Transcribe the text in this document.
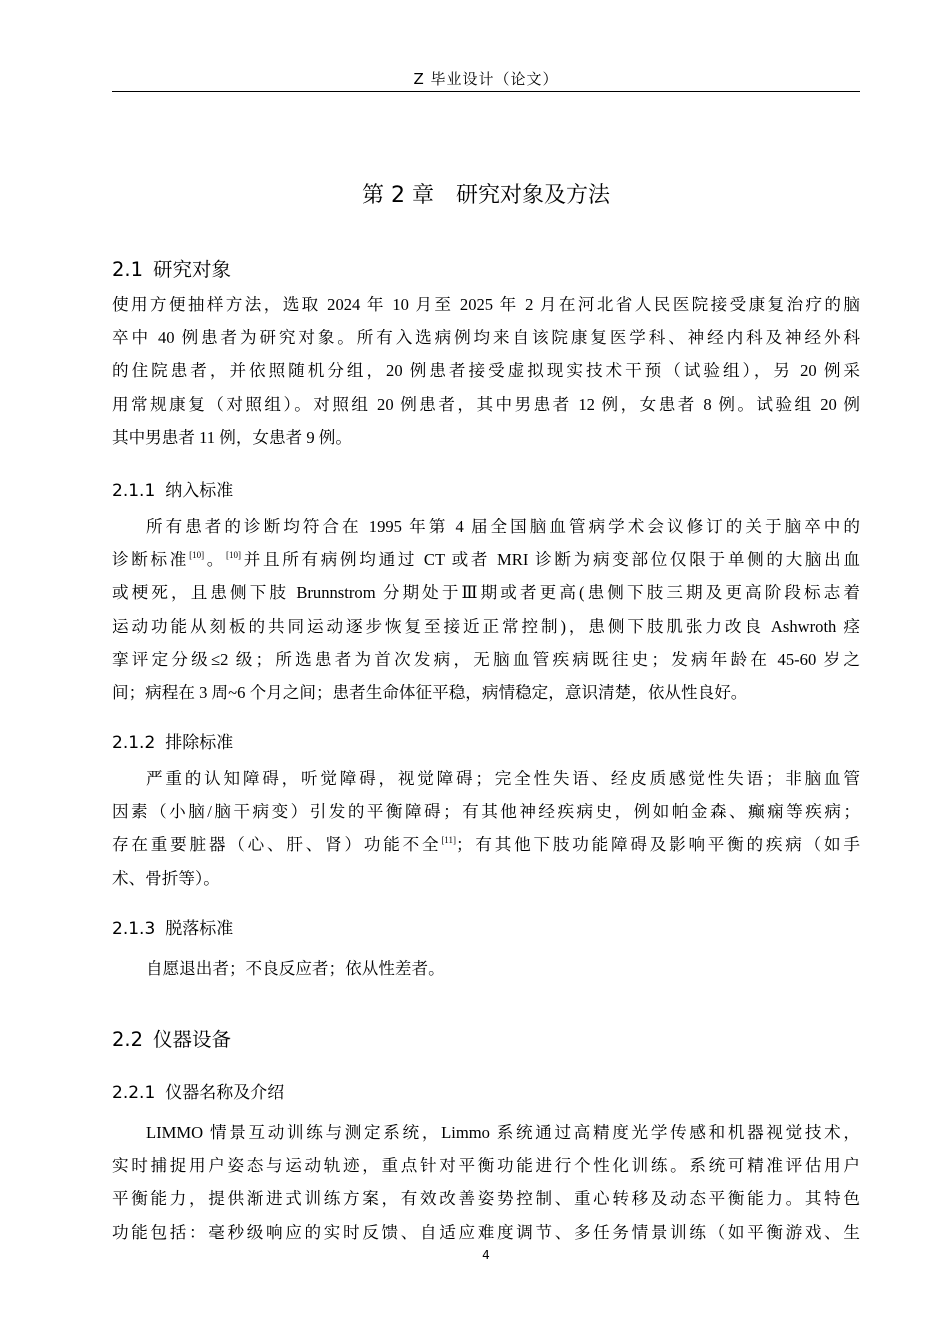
Z 毕业设计（论文）
第 2 章　研究对象及方法
2.1 研究对象
使用方便抽样方法，选取 2024 年 10 月至 2025 年 2 月在河北省人民医院接受康复治疗的脑
卒中 40 例患者为研究对象。所有入选病例均来自该院康复医学科、神经内科及神经外科
的住院患者，并依照随机分组，20 例患者接受虚拟现实技术干预（试验组），另 20 例采
用常规康复（对照组）。对照组 20 例患者，其中男患者 12 例，女患者 8 例。试验组 20 例
其中男患者 11 例，女患者 9 例。
2.1.1 纳入标准
所有患者的诊断均符合在 1995 年第 4 届全国脑血管病学术会议修订的关于脑卒中的
诊断标准[10]。[10]并且所有病例均通过 CT 或者 MRI 诊断为病变部位仅限于单侧的大脑出血
或梗死，且患侧下肢 Brunnstrom 分期处于Ⅲ期或者更高(患侧下肢三期及更高阶段标志着
运动功能从刻板的共同运动逐步恢复至接近正常控制)，患侧下肢肌张力改良 Ashwroth 痉
挛评定分级≤2 级；所选患者为首次发病，无脑血管疾病既往史；发病年龄在 45-60 岁之
间；病程在 3 周~6 个月之间；患者生命体征平稳，病情稳定，意识清楚，依从性良好。
2.1.2 排除标准
严重的认知障碍，听觉障碍，视觉障碍；完全性失语、经皮质感觉性失语；非脑血管
因素（小脑/脑干病变）引发的平衡障碍；有其他神经疾病史，例如帕金森、癫痫等疾病；
存在重要脏器（心、肝、肾）功能不全[11]；有其他下肢功能障碍及影响平衡的疾病（如手
术、骨折等）。
2.1.3 脱落标准
自愿退出者；不良反应者；依从性差者。
2.2 仪器设备
2.2.1 仪器名称及介绍
LIMMO 情景互动训练与测定系统，Limmo 系统通过高精度光学传感和机器视觉技术，
实时捕捉用户姿态与运动轨迹，重点针对平衡功能进行个性化训练。系统可精准评估用户
平衡能力，提供渐进式训练方案，有效改善姿势控制、重心转移及动态平衡能力。其特色
功能包括：毫秒级响应的实时反馈、自适应难度调节、多任务情景训练（如平衡游戏、生
4
